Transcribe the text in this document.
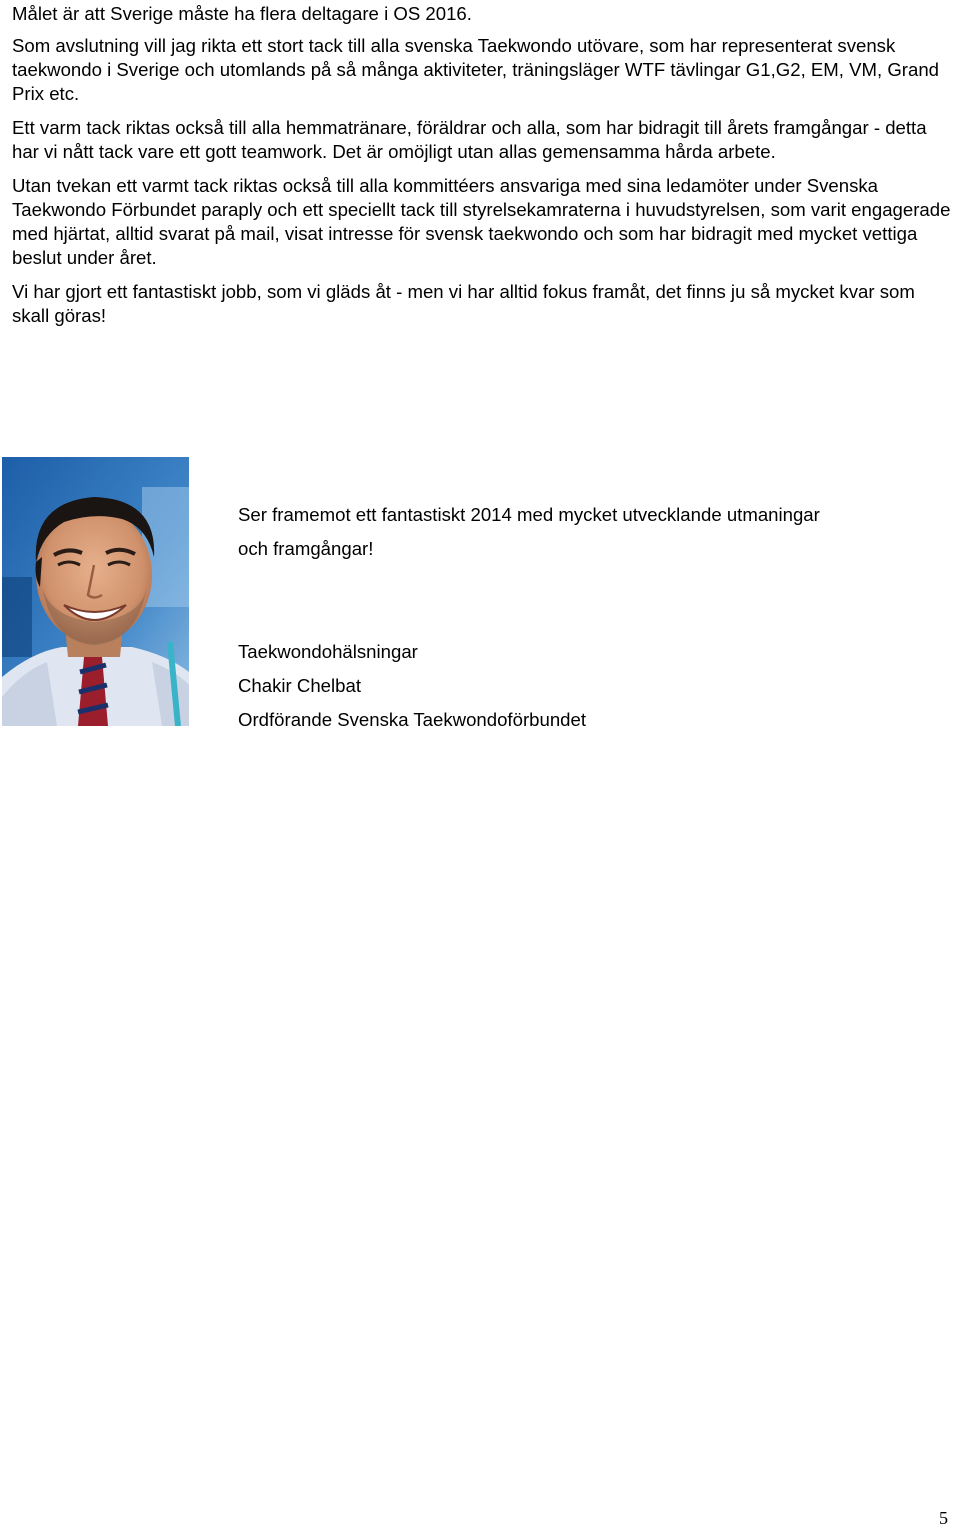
Målet är att Sverige måste ha flera deltagare i OS 2016.

Som avslutning vill jag rikta ett stort tack till alla svenska Taekwondo utövare, som har representerat svensk taekwondo i Sverige och utomlands på så många aktiviteter, träningsläger WTF tävlingar G1,G2, EM, VM, Grand Prix etc.

Ett varm tack riktas också till alla hemmatränare, föräldrar och alla, som har bidragit till årets framgångar - detta har vi nått tack vare ett gott teamwork. Det är omöjligt utan allas gemensamma hårda arbete.

Utan tvekan ett varmt tack riktas också till alla kommittéers ansvariga med sina ledamöter under Svenska Taekwondo Förbundet paraply och ett speciellt tack till styrelsekamraterna i huvudstyrelsen, som varit engagerade med hjärtat, alltid svarat på mail, visat intresse för svensk taekwondo och som har bidragit med mycket vettiga beslut under året.

Vi har gjort ett fantastiskt jobb, som vi gläds åt - men vi har alltid fokus framåt, det finns ju så mycket kvar som skall göras!

Ser framemot ett fantastiskt 2014 med mycket utvecklande utmaningar
och framgångar!
Taekwondohälsningar
Chakir Chelbat
Ordförande Svenska Taekwondoförbundet
5
